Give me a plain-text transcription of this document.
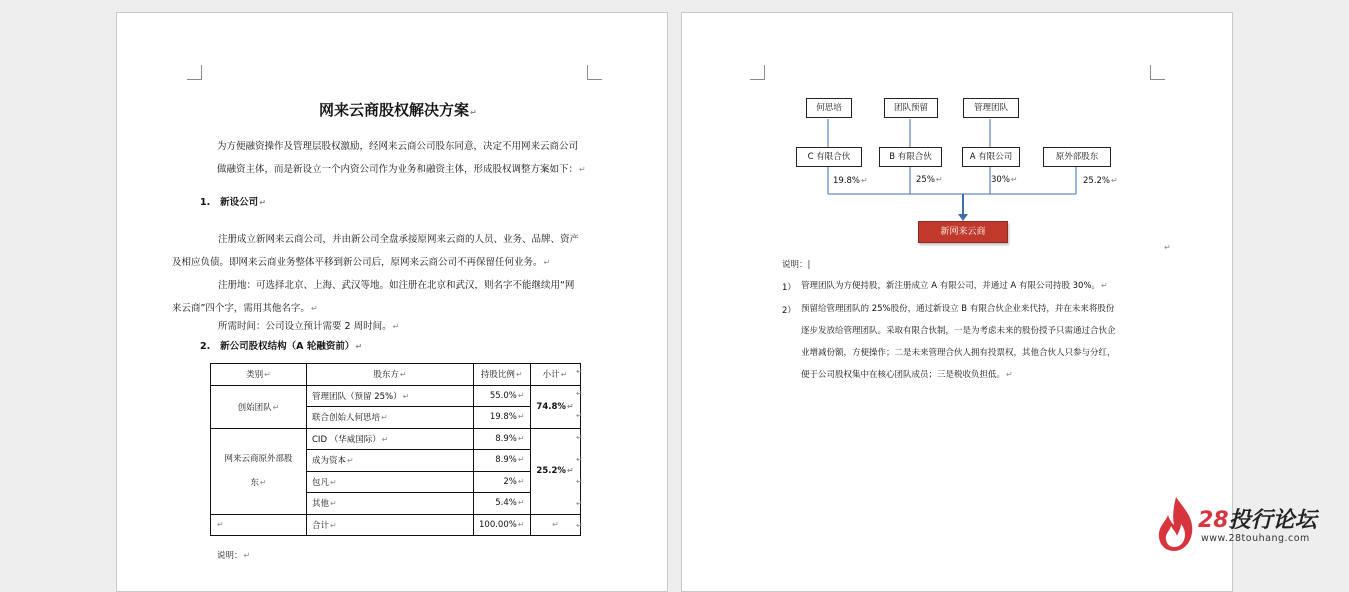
网来云商股权解决方案↵
为方便融资操作及管理层股权激励，经网来云商公司股东同意，决定不用网来云商公司
做融资主体，而是新设立一个内资公司作为业务和融资主体，形成股权调整方案如下：↵
1. 新设公司↵
注册成立新网来云商公司，并由新公司全盘承接原网来云商的人员、业务、品牌、资产
及相应负债。即网来云商业务整体平移到新公司后，原网来云商公司不再保留任何业务。↵
注册地：可选择北京、上海、武汉等地。如注册在北京和武汉，则名字不能继续用“网
来云商”四个字，需用其他名字。↵
所需时间：公司设立预计需要 2 周时间。↵
2. 新公司股权结构（A 轮融资前）↵
类别↵	股东方↵	持股比例↵	小计↵
创始团队↵	管理团队（预留 25%）↵	55.0%↵	74.8%↵
	联合创始人何思培↵	19.8%↵	

网来云商原外部股
东↵	CID （华威国际）↵	8.9%↵	25.2%↵
	成为资本↵	8.9%↵	
	包凡↵	2%↵	
	其他↵	5.4%↵	
↵	合计↵	100.00%↵	↵
↵
↵
↵
↵
↵
↵
↵
↵
说明：↵
何思培	团队预留	管理团队
C 有限合伙	B 有限合伙	A 有限公司	原外部股东
19.8%↵	25%↵	30%↵	25.2%↵
新网来云商
↵
说明：|
1） 管理团队为方便持股，新注册成立 A 有限公司，并通过 A 有限公司持股 30%。↵
2） 预留给管理团队的 25%股份，通过新设立 B 有限合伙企业来代持，并在未来将股份
逐步发放给管理团队。采取有限合伙制，一是为考虑未来的股份授予只需通过合伙企
业增减份额，方便操作；二是未来管理合伙人拥有投票权，其他合伙人只参与分红，
便于公司股权集中在核心团队成员；三是税收负担低。↵
28投行论坛
www.28touhang.com
